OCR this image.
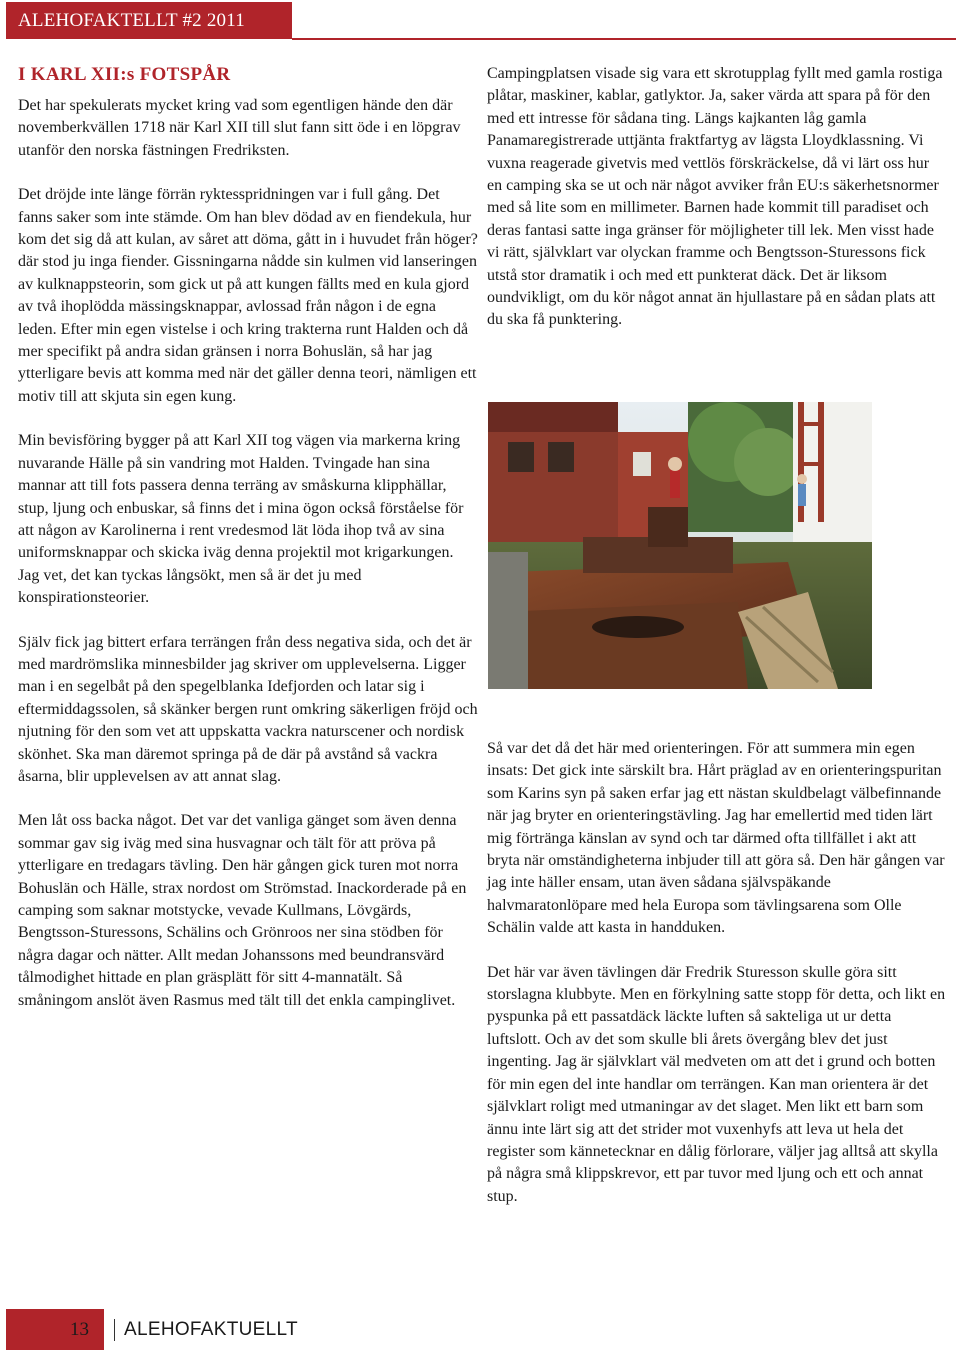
ALEHOFAKTELLT #2 2011
I KARL XII:s FOTSPÅR

Det har spekulerats mycket kring vad som egentligen hände den där novemberkvällen 1718 när Karl XII till slut fann sitt öde i en löpgrav utanför den norska fästningen Fredriksten.

Det dröjde inte länge förrän ryktesspridningen var i full gång. Det fanns saker som inte stämde. Om han blev dödad av en fiendekula, hur kom det sig då att kulan, av såret att döma, gått in i huvudet från höger? där stod ju inga fiender. Gissningarna nådde sin kulmen vid lanseringen av kulknappsteorin, som gick ut på att kungen fällts med en kula gjord av två ihoplödda mässingsknappar, avlossad från någon i de egna leden. Efter min egen vistelse i och kring trakterna runt Halden och då mer specifikt på andra sidan gränsen i norra Bohuslän, så har jag ytterligare bevis att komma med när det gäller denna teori, nämligen ett motiv till att skjuta sin egen kung.

Min bevisföring bygger på att Karl XII tog vägen via markerna kring nuvarande Hälle på sin vandring mot Halden. Tvingade han sina mannar att till fots passera denna terräng av småskurna klipphällar, stup, ljung och enbuskar, så finns det i mina ögon också förståelse för att någon av Karolinerna i rent vredesmod lät löda ihop två av sina uniformsknappar och skicka iväg denna projektil mot krigarkungen. Jag vet, det kan tyckas långsökt, men så är det ju med konspirationsteorier.

Själv fick jag bittert erfara terrängen från dess negativa sida, och det är med mardrömslika minnesbilder jag skriver om upplevelserna. Ligger man i en segelbåt på den spegelblanka Idefjorden och latar sig i eftermiddagssolen, så skänker bergen runt omkring säkerligen fröjd och njutning för den som vet att uppskatta vackra naturscener och nordisk skönhet. Ska man däremot springa på de där på avstånd så vackra åsarna, blir upplevelsen av att annat slag.

Men låt oss backa något. Det var det vanliga gänget som även denna sommar gav sig iväg med sina husvagnar och tält för att pröva på ytterligare en tredagars tävling. Den här gången gick turen mot norra Bohuslän och Hälle, strax nordost om Strömstad. Inackorderade på en camping som saknar motstycke, vevade Kullmans, Lövgärds, Bengtsson-Sturessons, Schälins och Grönroos ner sina stödben för några dagar och nätter. Allt medan Johanssons med beundransvärd tålmodighet hittade en plan gräsplätt för sitt 4-mannatält. Så småningom anslöt även Rasmus med tält till det enkla campinglivet.

Campingplatsen visade sig vara ett skrotupplag fyllt med gamla rostiga plåtar, maskiner, kablar, gatlyktor. Ja, saker värda att spara på för den med ett intresse för sådana ting. Längs kajkanten låg gamla Panamaregistrerade uttjänta fraktfartyg av lägsta Lloydklassning. Vi vuxna reagerade givetvis med vettlös förskräckelse, då vi lärt oss hur en camping ska se ut och när något avviker från EU:s säkerhetsnormer med så lite som en millimeter. Barnen hade kommit till paradiset och deras fantasi satte inga gränser för möjligheter till lek. Men visst hade vi rätt, självklart var olyckan framme och Bengtsson-Sturessons fick utstå stor dramatik i och med ett punkterat däck. Det är liksom oundvikligt, om du kör något annat än hjullastare på en sådan plats att du ska få punktering.

Så var det då det här med orienteringen. För att summera min egen insats: Det gick inte särskilt bra. Hårt präglad av en orienteringspuritan som Karins syn på saken erfar jag ett nästan skuldbelagt välbefinnande när jag bryter en orienteringstävling. Jag har emellertid med tiden lärt mig förtränga känslan av synd och tar därmed ofta tillfället i akt att bryta när omständigheterna inbjuder till att göra så. Den här gången var jag inte häller ensam, utan även sådana självspäkande halvmaratonlöpare med hela Europa som tävlingsarena som Olle Schälin valde att kasta in handduken.

Det här var även tävlingen där Fredrik Sturesson skulle göra sitt storslagna klubbyte. Men en förkylning satte stopp för detta, och likt en pyspunka på ett passatdäck läckte luften så sakteliga ut ur detta luftslott. Och av det som skulle bli årets övergång blev det just ingenting. Jag är självklart väl medveten om att det i grund och botten för min egen del inte handlar om terrängen. Kan man orientera är det självklart roligt med utmaningar av det slaget. Men likt ett barn som ännu inte lärt sig att det strider mot vuxenhyfs att leva ut hela det register som kännetecknar en dålig förlorare, väljer jag alltså att skylla på några små klippskrevor, ett par tuvor med ljung och ett och annat stup.

13	ALEHOFAKTUELLT
